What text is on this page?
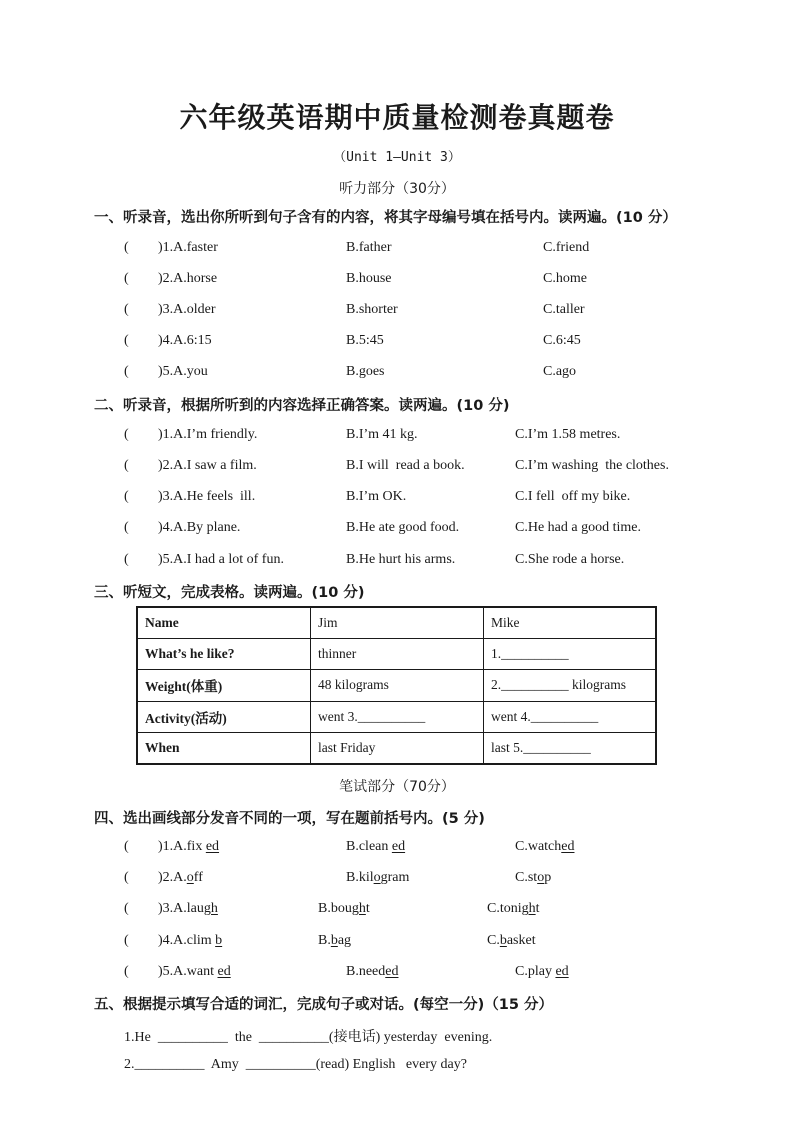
六年级英语期中质量检测卷真题卷
（Unit 1—Unit 3）
听力部分（30分）
一、听录音，选出你所听到句子含有的内容，将其字母编号填在括号内。读两遍。(10 分）
( )1.A.faster	B.father	C.friend
( )2.A.horse	B.house	C.home
( )3.A.older	B.shorter	C.taller
( )4.A.6:15	B.5:45	C.6:45
( )5.A.you	B.goes	C.ago
二、听录音，根据所听到的内容选择正确答案。读两遍。(10 分)
( )1.A.I’m friendly.	B.I’m 41 kg.	C.I’m 1.58 metres.
( )2.A.I saw a film.	B.I will  read a book.	C.I’m washing  the clothes.
( )3.A.He feels  ill.	B.I’m OK.	C.I fell  off my bike.
( )4.A.By plane.	B.He ate good food.	C.He had a good time.
( )5.A.I had a lot of fun.	B.He hurt his arms.	C.She rode a horse.
三、听短文，完成表格。读两遍。(10 分)
Name	Jim	Mike
What’s he like?	thinner	1.__________
Weight(体重)	48 kilograms	2.__________ kilograms
Activity(活动)	went 3.__________	went 4.__________
When	last Friday	last 5.__________
笔试部分（70分）
四、选出画线部分发音不同的一项，写在题前括号内。(5 分)
( )1.A.fix ed	B.clean ed	C.watched
( )2.A.off	B.kilogram	C.stop
( )3.A.laugh	B.bought	C.tonight
( )4.A.clim b	B.bag	C.basket
( )5.A.want ed	B.needed	C.play ed
五、根据提示填写合适的词汇，完成句子或对话。(每空一分)（15 分）
1.He  __________  the  __________(接电话) yesterday  evening.
2.__________  Amy  __________(read) English   every day?
